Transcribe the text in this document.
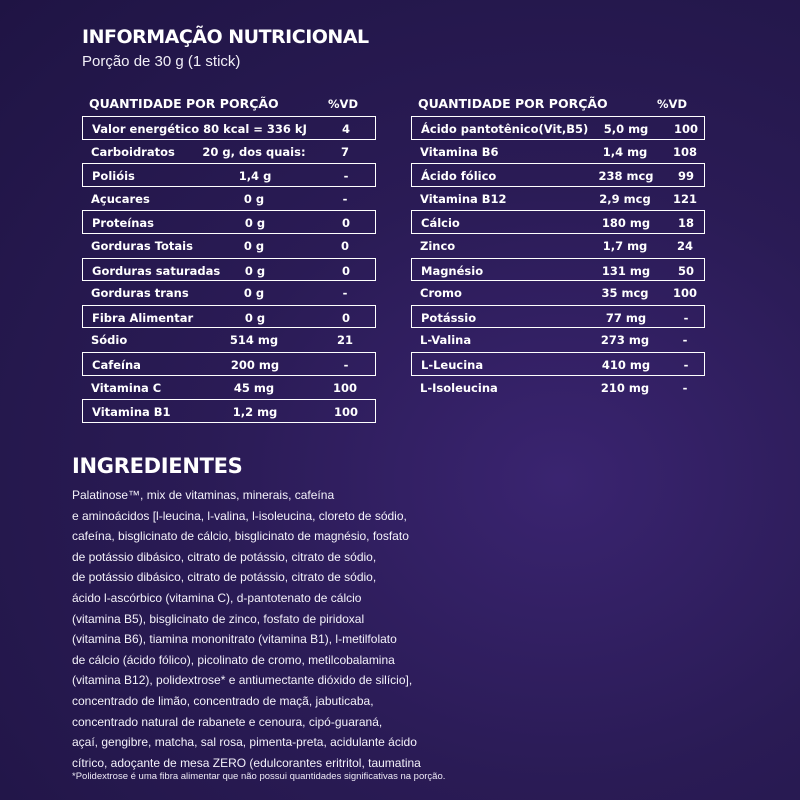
INFORMAÇÃO NUTRICIONAL
Porção de 30 g (1 stick)
QUANTIDADE POR PORÇÃO	%VD
Valor energético 80 kcal = 336 kJ	4
Carboidratos	20 g, dos quais:	7
Polióis	1,4 g	-
Açucares	0 g	-
Proteínas	0 g	0
Gorduras Totais	0 g	0
Gorduras saturadas	0 g	0
Gorduras trans	0 g	-
Fibra Alimentar	0 g	0
Sódio	514 mg	21
Cafeína	200 mg	-
Vitamina C	45 mg	100
Vitamina B1	1,2 mg	100
QUANTIDADE POR PORÇÃO	%VD
Ácido pantotênico(Vit,B5)	5,0 mg	100
Vitamina B6	1,4 mg	108
Ácido fólico	238 mcg	99
Vitamina B12	2,9 mcg	121
Cálcio	180 mg	18
Zinco	1,7 mg	24
Magnésio	131 mg	50
Cromo	35 mcg	100
Potássio	77 mg	-
L-Valina	273 mg	-
L-Leucina	410 mg	-
L-Isoleucina	210 mg	-
INGREDIENTES
Palatinose™, mix de vitaminas, minerais, cafeína
e aminoácidos [l-leucina, l-valina, l-isoleucina, cloreto de sódio,
cafeína, bisglicinato de cálcio, bisglicinato de magnésio, fosfato
de potássio dibásico, citrato de potássio, citrato de sódio,
de potássio dibásico, citrato de potássio, citrato de sódio,
ácido l-ascórbico (vitamina C), d-pantotenato de cálcio
(vitamina B5), bisglicinato de zinco, fosfato de piridoxal
(vitamina B6), tiamina mononitrato (vitamina B1), l-metilfolato
de cálcio (ácido fólico), picolinato de cromo, metilcobalamina
(vitamina B12), polidextrose* e antiumectante dióxido de silício],
concentrado de limão, concentrado de maçã, jabuticaba,
concentrado natural de rabanete e cenoura, cipó-guaraná,
açaí, gengibre, matcha, sal rosa, pimenta-preta, acidulante ácido
cítrico, adoçante de mesa ZERO (edulcorantes eritritol, taumatina
*Polidextrose é uma fibra alimentar que não possui quantidades significativas na porção.
